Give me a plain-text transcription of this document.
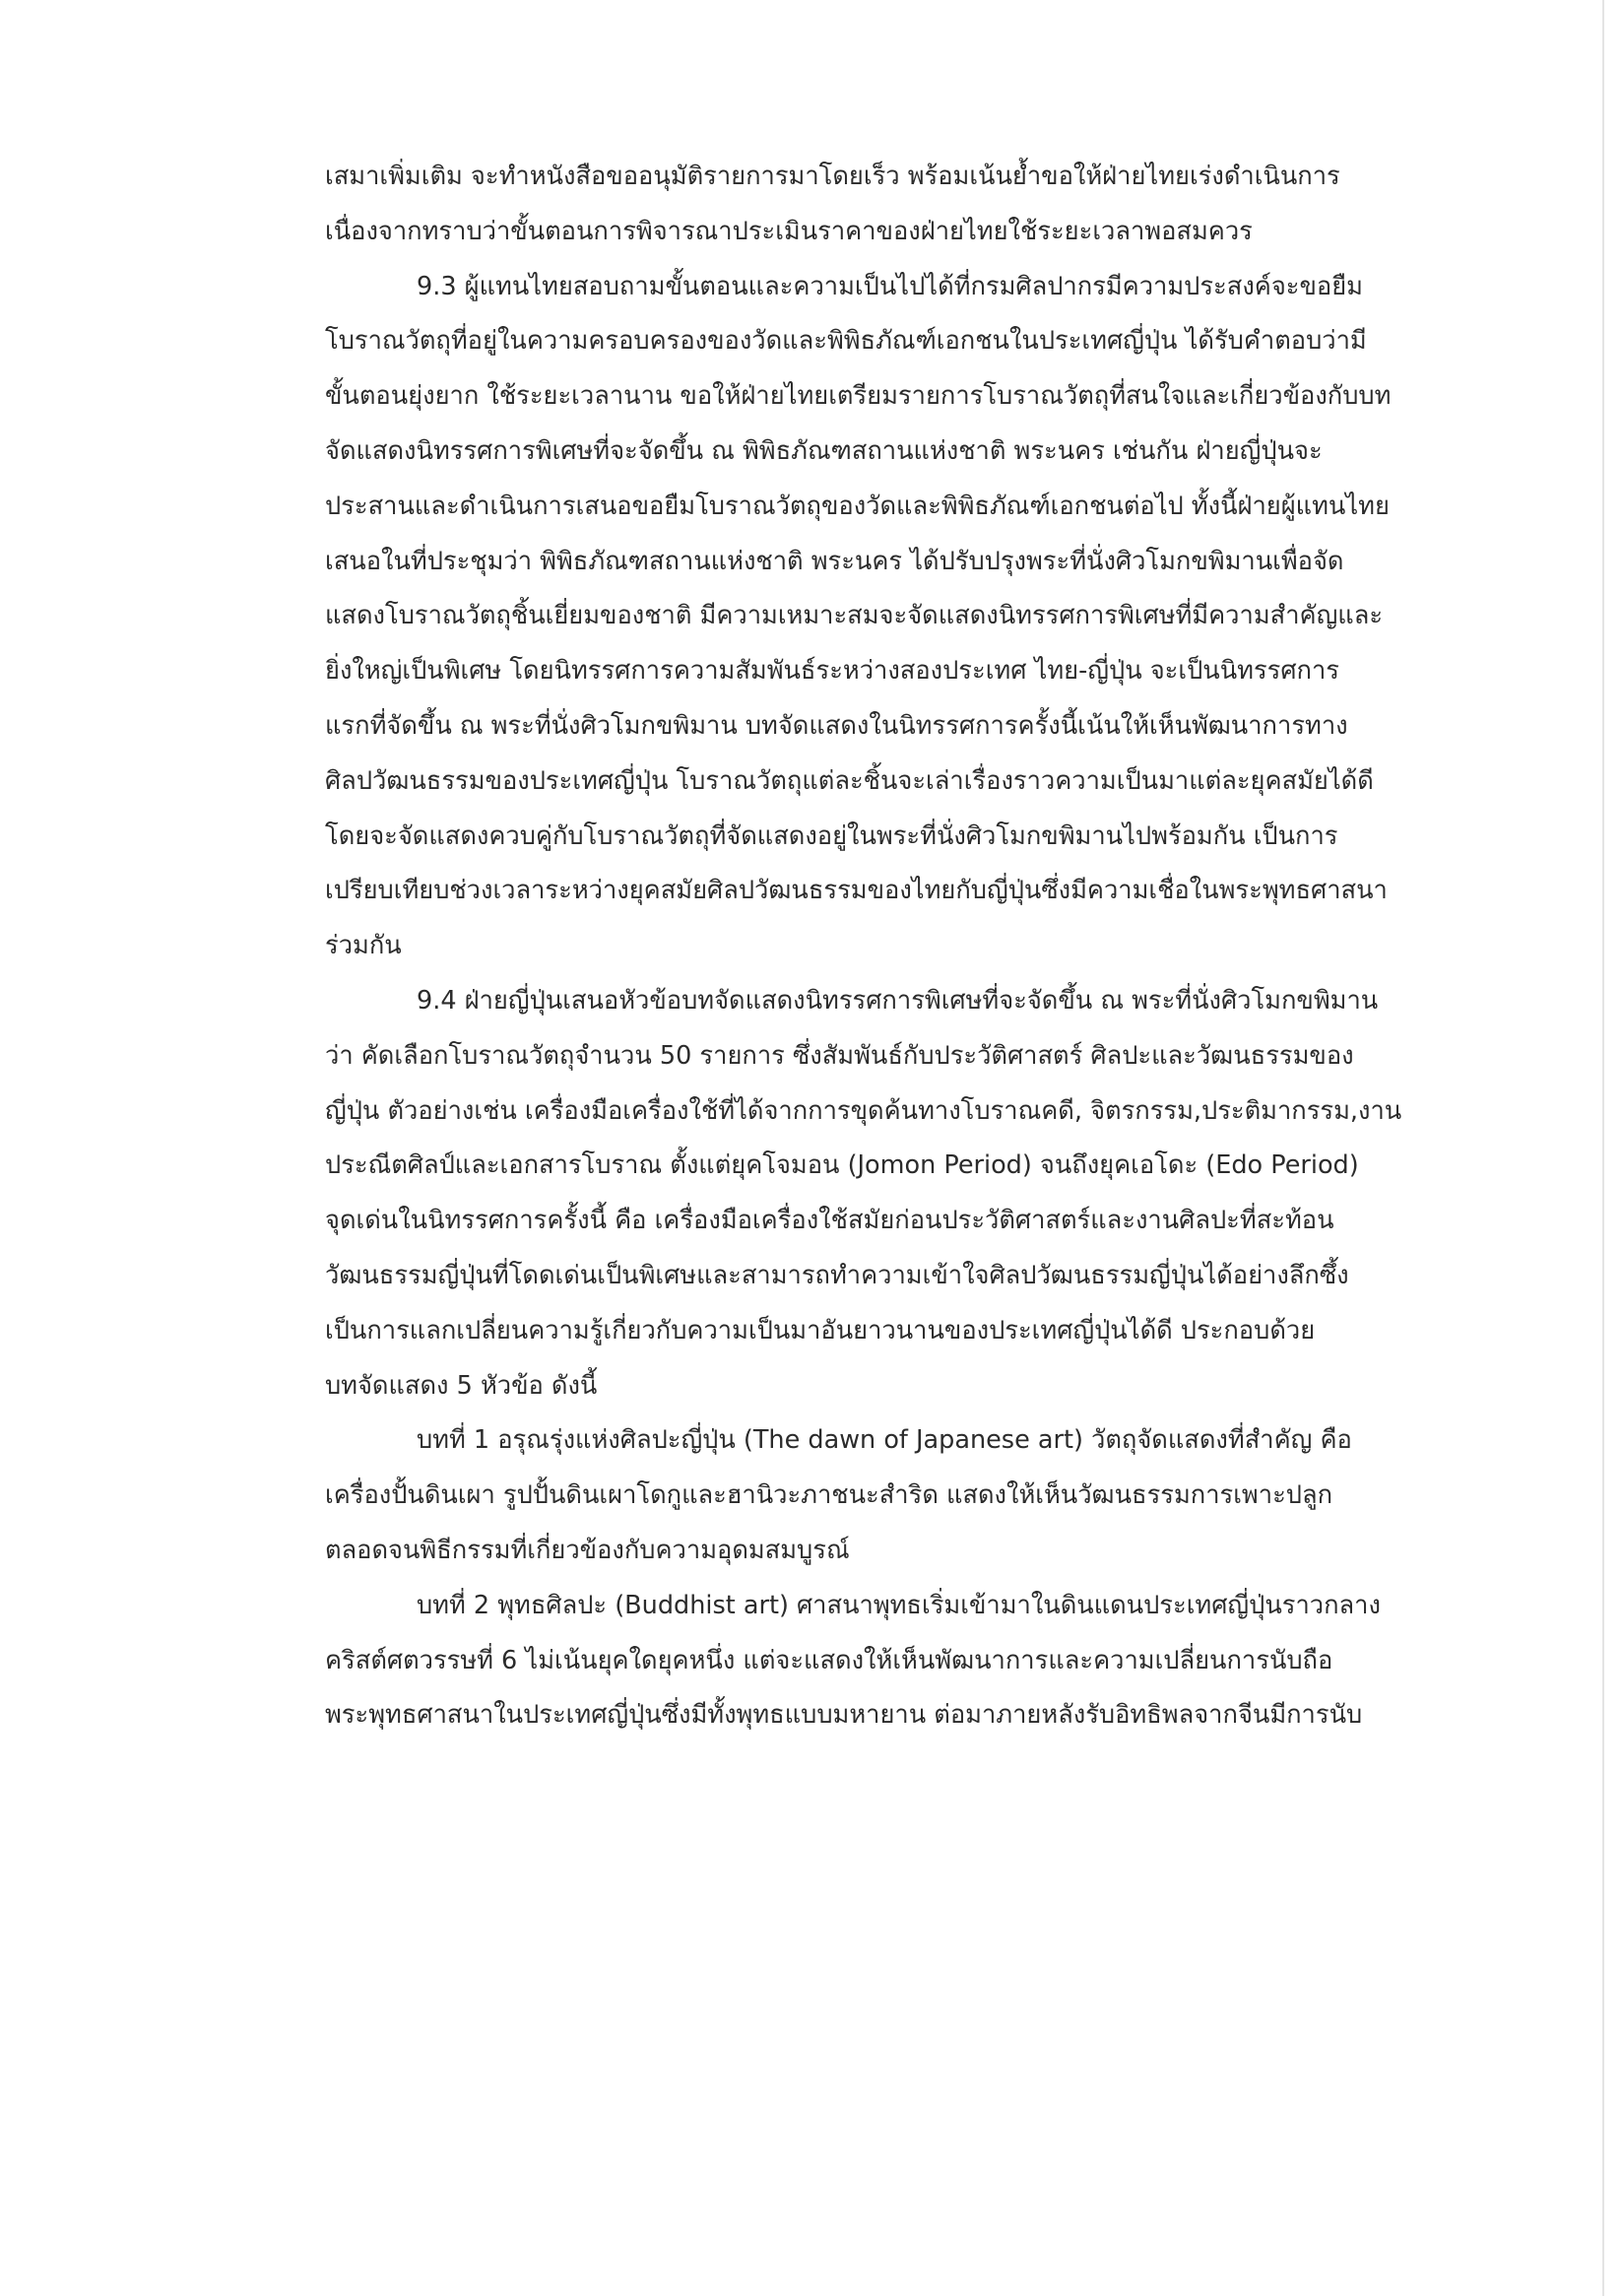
เสมาเพิ่มเติม จะทำหนังสือขออนุมัติรายการมาโดยเร็ว พร้อมเน้นย้ำขอให้ฝ่ายไทยเร่งดำเนินการ
เนื่องจากทราบว่าขั้นตอนการพิจารณาประเมินราคาของฝ่ายไทยใช้ระยะเวลาพอสมควร
9.3 ผู้แทนไทยสอบถามขั้นตอนและความเป็นไปได้ที่กรมศิลปากรมีความประสงค์จะขอยืม
โบราณวัตถุที่อยู่ในความครอบครองของวัดและพิพิธภัณฑ์เอกชนในประเทศญี่ปุ่น ได้รับคำตอบว่ามี
ขั้นตอนยุ่งยาก ใช้ระยะเวลานาน ขอให้ฝ่ายไทยเตรียมรายการโบราณวัตถุที่สนใจและเกี่ยวข้องกับบท
จัดแสดงนิทรรศการพิเศษที่จะจัดขึ้น ณ พิพิธภัณฑสถานแห่งชาติ พระนคร เช่นกัน ฝ่ายญี่ปุ่นจะ
ประสานและดำเนินการเสนอขอยืมโบราณวัตถุของวัดและพิพิธภัณฑ์เอกชนต่อไป ทั้งนี้ฝ่ายผู้แทนไทย
เสนอในที่ประชุมว่า พิพิธภัณฑสถานแห่งชาติ พระนคร ได้ปรับปรุงพระที่นั่งศิวโมกขพิมานเพื่อจัด
แสดงโบราณวัตถุชิ้นเยี่ยมของชาติ มีความเหมาะสมจะจัดแสดงนิทรรศการพิเศษที่มีความสำคัญและ
ยิ่งใหญ่เป็นพิเศษ โดยนิทรรศการความสัมพันธ์ระหว่างสองประเทศ ไทย-ญี่ปุ่น จะเป็นนิทรรศการ
แรกที่จัดขึ้น ณ พระที่นั่งศิวโมกขพิมาน บทจัดแสดงในนิทรรศการครั้งนี้เน้นให้เห็นพัฒนาการทาง
ศิลปวัฒนธรรมของประเทศญี่ปุ่น โบราณวัตถุแต่ละชิ้นจะเล่าเรื่องราวความเป็นมาแต่ละยุคสมัยได้ดี
โดยจะจัดแสดงควบคู่กับโบราณวัตถุที่จัดแสดงอยู่ในพระที่นั่งศิวโมกขพิมานไปพร้อมกัน เป็นการ
เปรียบเทียบช่วงเวลาระหว่างยุคสมัยศิลปวัฒนธรรมของไทยกับญี่ปุ่นซึ่งมีความเชื่อในพระพุทธศาสนา
ร่วมกัน
9.4 ฝ่ายญี่ปุ่นเสนอหัวข้อบทจัดแสดงนิทรรศการพิเศษที่จะจัดขึ้น ณ พระที่นั่งศิวโมกขพิมาน
ว่า คัดเลือกโบราณวัตถุจำนวน 50 รายการ ซึ่งสัมพันธ์กับประวัติศาสตร์ ศิลปะและวัฒนธรรมของ
ญี่ปุ่น ตัวอย่างเช่น เครื่องมือเครื่องใช้ที่ได้จากการขุดค้นทางโบราณคดี, จิตรกรรม,ประติมากรรม,งาน
ประณีตศิลป์และเอกสารโบราณ ตั้งแต่ยุคโจมอน (Jomon Period) จนถึงยุคเอโดะ (Edo Period)
จุดเด่นในนิทรรศการครั้งนี้ คือ เครื่องมือเครื่องใช้สมัยก่อนประวัติศาสตร์และงานศิลปะที่สะท้อน
วัฒนธรรมญี่ปุ่นที่โดดเด่นเป็นพิเศษและสามารถทำความเข้าใจศิลปวัฒนธรรมญี่ปุ่นได้อย่างลึกซึ้ง
เป็นการแลกเปลี่ยนความรู้เกี่ยวกับความเป็นมาอันยาวนานของประเทศญี่ปุ่นได้ดี ประกอบด้วย
บทจัดแสดง 5 หัวข้อ ดังนี้
บทที่ 1 อรุณรุ่งแห่งศิลปะญี่ปุ่น (The dawn of Japanese art) วัตถุจัดแสดงที่สำคัญ คือ
เครื่องปั้นดินเผา รูปปั้นดินเผาโดกูและฮานิวะภาชนะสำริด แสดงให้เห็นวัฒนธรรมการเพาะปลูก
ตลอดจนพิธีกรรมที่เกี่ยวข้องกับความอุดมสมบูรณ์
บทที่ 2 พุทธศิลปะ (Buddhist art) ศาสนาพุทธเริ่มเข้ามาในดินแดนประเทศญี่ปุ่นราวกลาง
คริสต์ศตวรรษที่ 6 ไม่เน้นยุคใดยุคหนึ่ง แต่จะแสดงให้เห็นพัฒนาการและความเปลี่ยนการนับถือ
พระพุทธศาสนาในประเทศญี่ปุ่นซึ่งมีทั้งพุทธแบบมหายาน ต่อมาภายหลังรับอิทธิพลจากจีนมีการนับ
